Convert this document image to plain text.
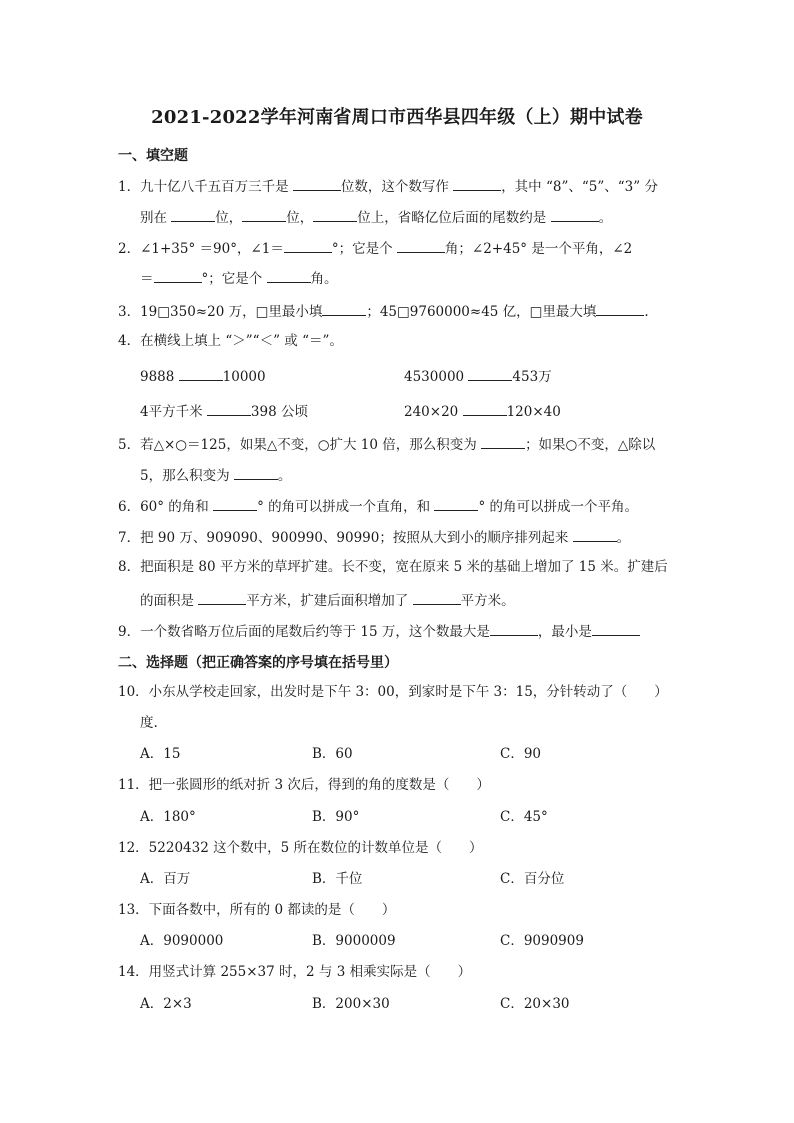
2021-2022学年河南省周口市西华县四年级（上）期中试卷
一、填空题
1．九十亿八千五百万三千是	位数，这个数写作	，其中 “8”、“5”、“3” 分
别在	位，	位，	位上，省略亿位后面的尾数约是	。
2．∠1+35° ＝90°，∠1＝	°；它是个	角；∠2+45° 是一个平角，∠2
＝	°；它是个	角。
3．19□350≈20 万，□里最小填	；45□9760000≈45 亿，□里最大填	.
4．在横线上填上 “＞”“＜” 或 “＝”。
9888	10000	4530000	453万
4平方千米	398 公顷	240×20	120×40
5．若△×○＝125，如果△不变，○扩大 10 倍，那么积变为	；如果○不变，△除以
5，那么积变为	。
6．60° 的角和	° 的角可以拼成一个直角，和	° 的角可以拼成一个平角。
7．把 90 万、909090、900990、90990；按照从大到小的顺序排列起来	。
8．把面积是 80 平方米的草坪扩建。长不变，宽在原来 5 米的基础上增加了 15 米。扩建后
的面积是	平方米，扩建后面积增加了	平方米。
9．一个数省略万位后面的尾数后约等于 15 万，这个数最大是	，最小是
二、选择题（把正确答案的序号填在括号里）
10．小东从学校走回家，出发时是下午 3：00，到家时是下午 3：15，分针转动了（　　）
度.
A．15	B．60	C．90
11．把一张圆形的纸对折 3 次后，得到的角的度数是（　　）
A．180°	B．90°	C．45°
12．5220432 这个数中，5 所在数位的计数单位是（　　）
A．百万	B．千位	C．百分位
13．下面各数中，所有的 0 都读的是（　　）
A．9090000	B．9000009	C．9090909
14．用竖式计算 255×37 时，2 与 3 相乘实际是（　　）
A．2×3	B．200×30	C．20×30
